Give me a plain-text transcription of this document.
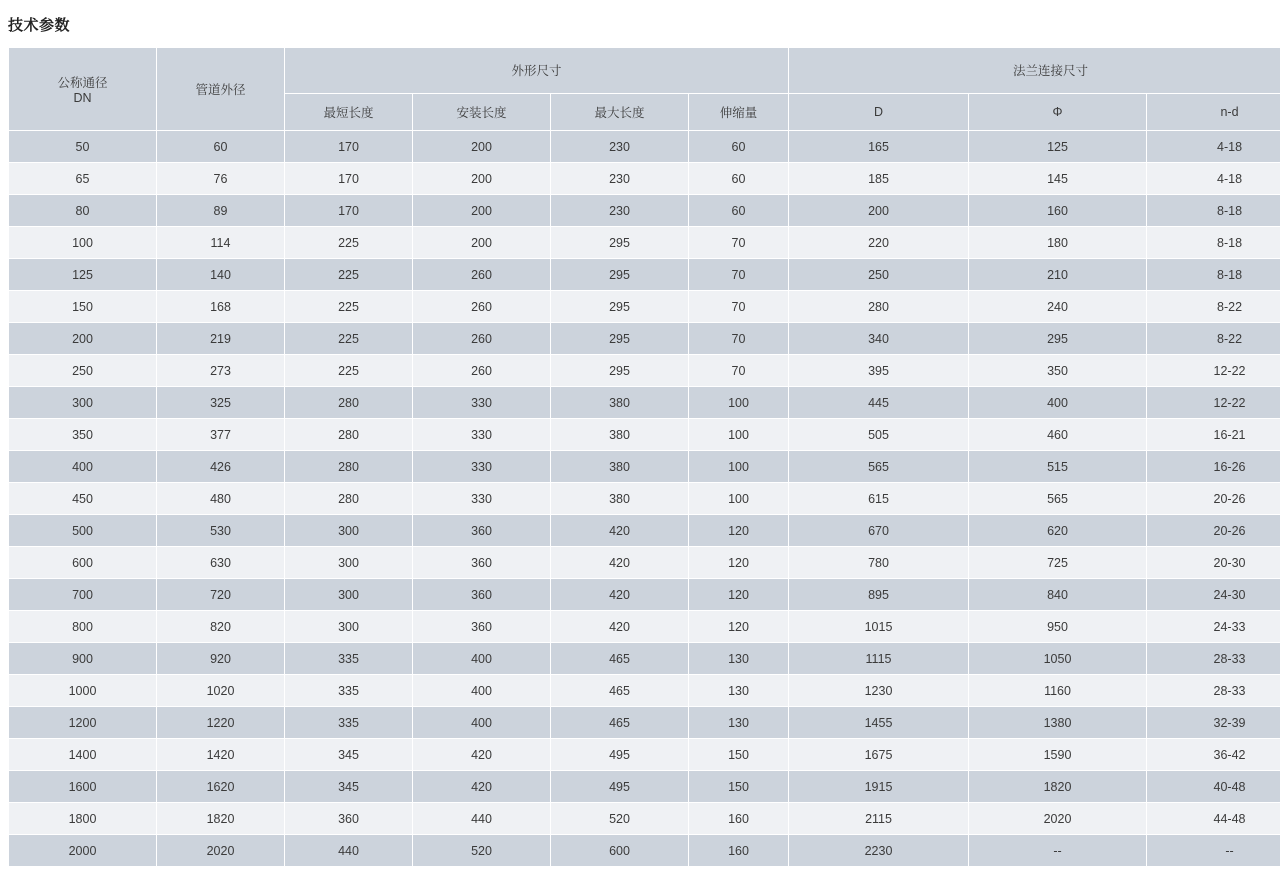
技术参数
公称通径
DN	管道外径	外形尺寸				法兰连接尺寸		
		最短长度	安装长度	最大长度	伸缩量	D	Φ	n-d
50	60	170	200	230	60	165	125	4-18
65	76	170	200	230	60	185	145	4-18
80	89	170	200	230	60	200	160	8-18
100	114	225	200	295	70	220	180	8-18
125	140	225	260	295	70	250	210	8-18
150	168	225	260	295	70	280	240	8-22
200	219	225	260	295	70	340	295	8-22
250	273	225	260	295	70	395	350	12-22
300	325	280	330	380	100	445	400	12-22
350	377	280	330	380	100	505	460	16-21
400	426	280	330	380	100	565	515	16-26
450	480	280	330	380	100	615	565	20-26
500	530	300	360	420	120	670	620	20-26
600	630	300	360	420	120	780	725	20-30
700	720	300	360	420	120	895	840	24-30
800	820	300	360	420	120	1015	950	24-33
900	920	335	400	465	130	1115	1050	28-33
1000	1020	335	400	465	130	1230	1160	28-33
1200	1220	335	400	465	130	1455	1380	32-39
1400	1420	345	420	495	150	1675	1590	36-42
1600	1620	345	420	495	150	1915	1820	40-48
1800	1820	360	440	520	160	2115	2020	44-48
2000	2020	440	520	600	160	2230	--	--
